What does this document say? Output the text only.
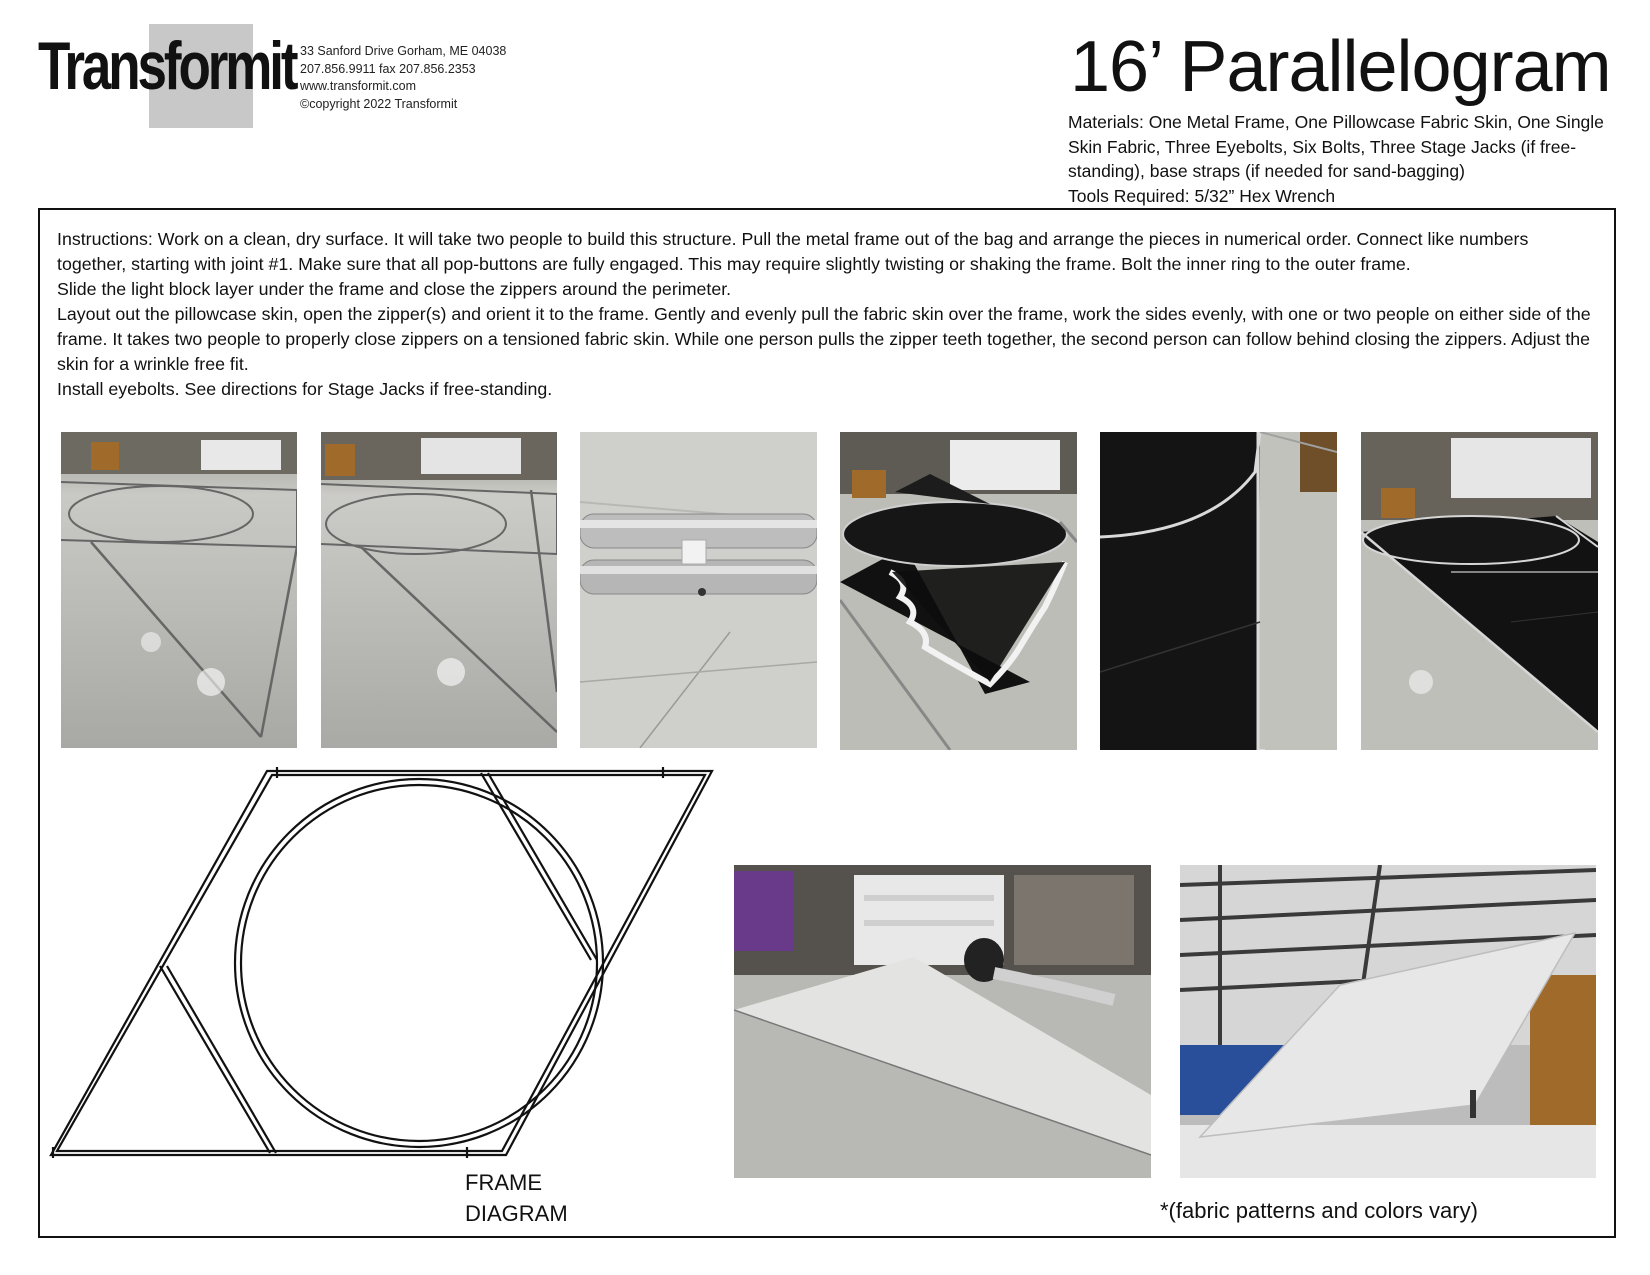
Transformit 33 Sanford Drive Gorham, ME 04038
207.856.9911 fax 207.856.2353
www.transformit.com
©copyright 2022 Transformit	16’ Parallelogram
Materials: One Metal Frame, One Pillowcase Fabric Skin, One Single Skin Fabric, Three Eyebolts, Six Bolts, Three Stage Jacks (if free-standing), base straps (if needed for sand-bagging)
Tools Required: 5/32” Hex Wrench

Instructions: Work on a clean, dry surface. It will take two people to build this structure. Pull the metal frame out of the bag and arrange the pieces in numerical order. Connect like numbers together, starting with joint #1. Make sure that all pop-buttons are fully engaged. This may require slightly twisting or shaking the frame. Bolt the inner ring to the outer frame.

Slide the light block layer under the frame and close the zippers around the perimeter.

Layout out the pillowcase skin, open the zipper(s) and orient it to the frame. Gently and evenly pull the fabric skin over the frame, work the sides evenly, with one or two people on either side of the frame. It takes two people to properly close zippers on a tensioned fabric skin. While one person pulls the zipper teeth together, the second person can follow behind closing the zippers. Adjust the skin for a wrinkle free fit.

Install eyebolts. See directions for Stage Jacks if free-standing.

FRAME
DIAGRAM	*(fabric patterns and colors vary)
